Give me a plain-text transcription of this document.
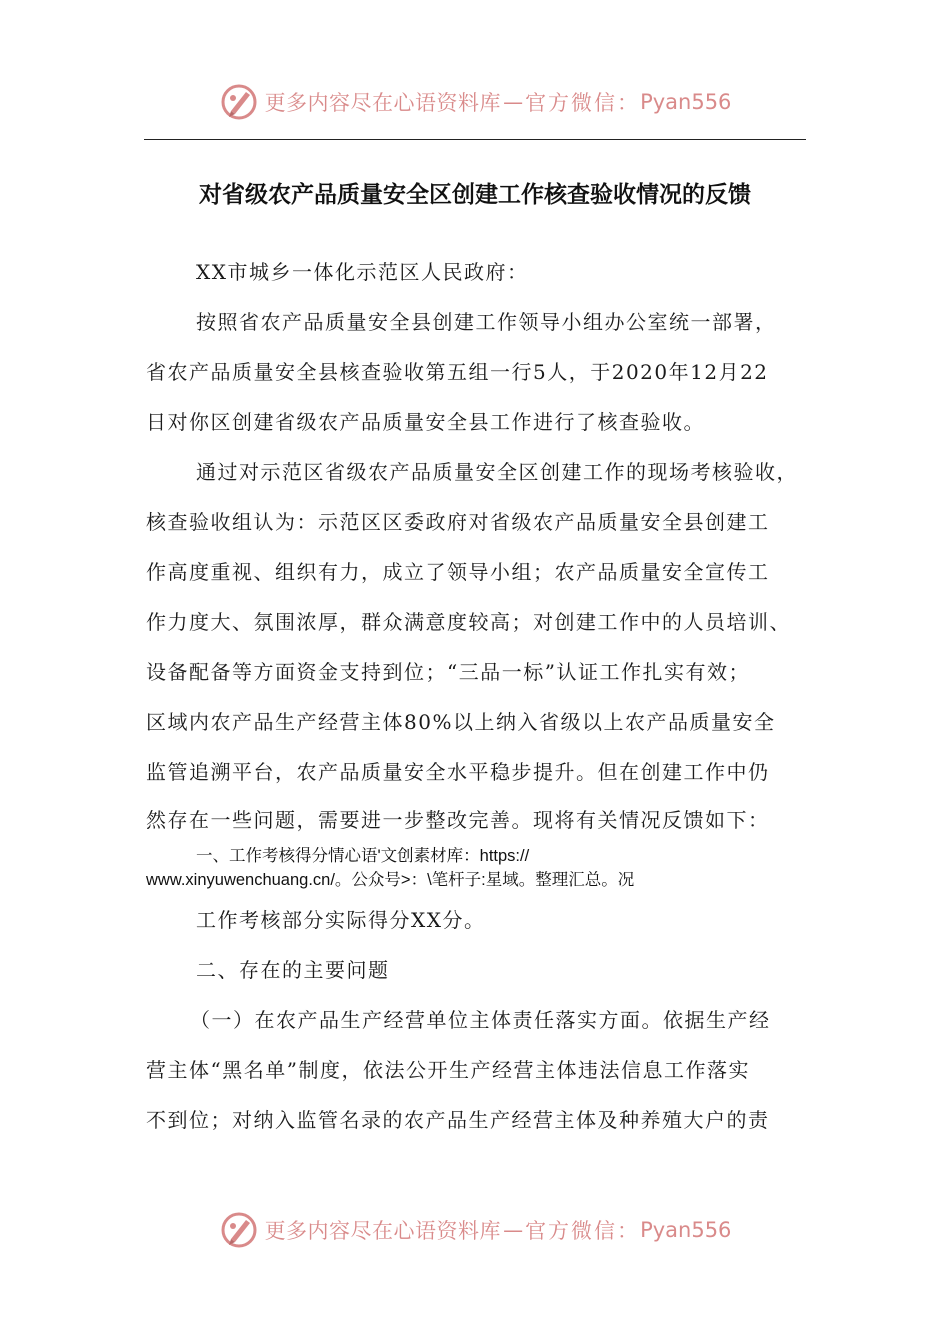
更多内容尽在心语资料库 — 官方微信： Pyan556
对省级农产品质量安全区创建工作核查验收情况的反馈
XX市城乡一体化示范区人民政府：
按照省农产品质量安全县创建工作领导小组办公室统一部署，
省农产品质量安全县核查验收第五组一行5人，于2020年12月22
日对你区创建省级农产品质量安全县工作进行了核查验收。
通过对示范区省级农产品质量安全区创建工作的现场考核验收，
核查验收组认为：示范区区委政府对省级农产品质量安全县创建工
作高度重视、组织有力，成立了领导小组；农产品质量安全宣传工
作力度大、氛围浓厚，群众满意度较高；对创建工作中的人员培训、
设备配备等方面资金支持到位；“三品一标”认证工作扎实有效；
区域内农产品生产经营主体80%以上纳入省级以上农产品质量安全
监管追溯平台，农产品质量安全水平稳步提升。但在创建工作中仍
然存在一些问题，需要进一步整改完善。现将有关情况反馈如下：
一、工作考核得分情心语'文创素材库：https://
www.xinyuwenchuang.cn/。公众号>：\笔杆子:星域。整理汇总。况
工作考核部分实际得分XX分。
二、存在的主要问题
（一）在农产品生产经营单位主体责任落实方面。依据生产经
营主体“黑名单”制度，依法公开生产经营主体违法信息工作落实
不到位；对纳入监管名录的农产品生产经营主体及种养殖大户的责
更多内容尽在心语资料库 — 官方微信： Pyan556
